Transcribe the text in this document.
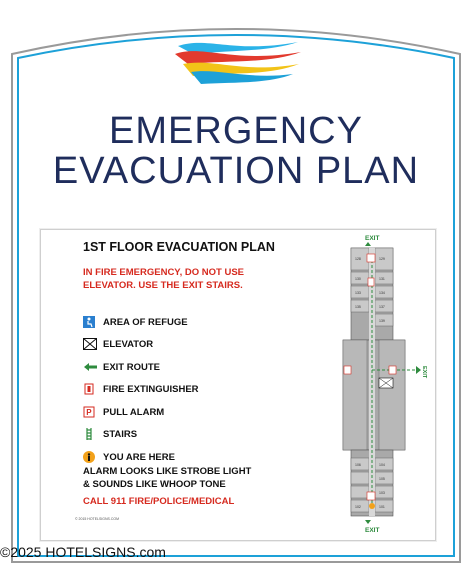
EMERGENCY
EVACUATION PLAN
1ST FLOOR EVACUATION PLAN
IN FIRE EMERGENCY, DO NOT USE
ELEVATOR. USE THE EXIT STAIRS.
AREA OF REFUGE
ELEVATOR
EXIT ROUTE
FIRE EXTINGUISHER
P PULL ALARM
STAIRS
YOU ARE HERE
ALARM LOOKS LIKE STROBE LIGHT
& SOUNDS LIKE WHOOP TONE
CALL 911 FIRE/POLICE/MEDICAL
© 2015 HOTELSIGNS.COM
EXIT
EXIT
EXIT
128	129
130	131
133	134
135	137
139
106	104
105
103
102	101
©2025 HOTELSIGNS.com
